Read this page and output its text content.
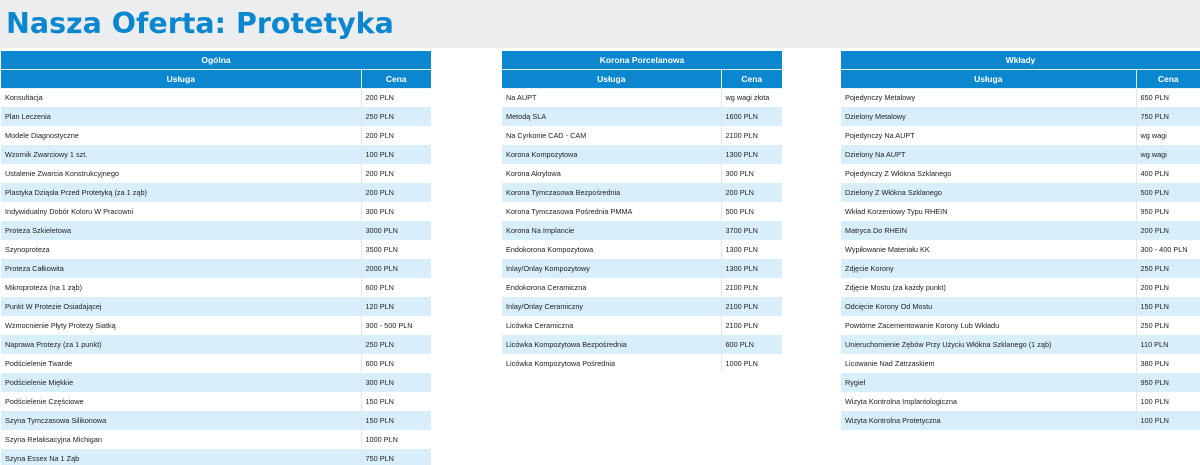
Nasza Oferta: Protetyka
Ogólna	
Usługa	Cena
Konsultacja	200 PLN
Plan Leczenia	250 PLN
Modele Diagnostyczne	200 PLN
Wzornik Zwarciowy 1 szt.	100 PLN
Ustalenie Zwarcia Konstrukcyjnego	200 PLN
Plastyka Dziąsła Przed Protetyką (za 1 ząb)	200 PLN
Indywidualny Dobór Koloru W Pracowni	300 PLN
Proteza Szkieletowa	3000 PLN
Szynoproteza	3500 PLN
Proteza Całkowita	2000 PLN
Mikroproteza (na 1 ząb)	600 PLN
Punkt W Protezie Osiadającej	120 PLN
Wzmocnienie Płyty Protezy Siatką	300 - 500 PLN
Naprawa Protezy (za 1 punkt)	250 PLN
Podścielenie Twarde	600 PLN
Podścielenie Miękkie	300 PLN
Podścielenie Częściowe	150 PLN
Szyna Tymczasowa Silikonowa	150 PLN
Szyna Relaksacyjna Michigan	1000 PLN
Szyna Essex Na 1 Ząb	750 PLN
Korona Porcelanowa	
Usługa	Cena
Na AUPT	wg wagi złota
Metodą SLA	1600 PLN
Na Cyrkonie CAD - CAM	2100 PLN
Korona Kompozytowa	1300 PLN
Korona Akrylowa	300 PLN
Korona Tymczasowa Bezpośrednia	200 PLN
Korona Tymczasowa Pośrednia PMMA	500 PLN
Korona Na Implancie	3700 PLN
Endokorona Kompozytowa	1300 PLN
Inlay/Onlay Kompozytowy	1300 PLN
Endokorona Ceramiczna	2100 PLN
Inlay/Onlay Ceramiczny	2100 PLN
Licówka Ceramiczna	2100 PLN
Licówka Kompozytowa Bezpośrednia	600 PLN
Licówka Kompozytowa Pośrednia	1000 PLN
Wkłady	
Usługa	Cena
Pojedynczy Metalowy	650 PLN
Dzielony Metalowy	750 PLN
Pojedynczy Na AUPT	wg wagi
Dzielony Na AUPT	wg wagi
Pojedynczy Z Włókna Szklanego	400 PLN
Dzielony Z Włókna Szklanego	500 PLN
Wkład Korzeniowy Typu RHEIN	950 PLN
Matryca Do RHEIN	200 PLN
Wypiłowanie Materiału KK	300 - 400 PLN
Zdjęcie Korony	250 PLN
Zdjęcie Mostu (za każdy punkt)	200 PLN
Odcięcie Korony Od Mostu	150 PLN
Powtórne Zacementowanie Korony Lub Wkładu	250 PLN
Unieruchomienie Zębów Przy Użyciu Włókna Szklanego (1 ząb)	110 PLN
Licowanie Nad Zatrzaskiem	380 PLN
Rygiel	950 PLN
Wizyta Kontrolna Implantologiczna	100 PLN
Wizyta Kontrolna Protetyczna	100 PLN
